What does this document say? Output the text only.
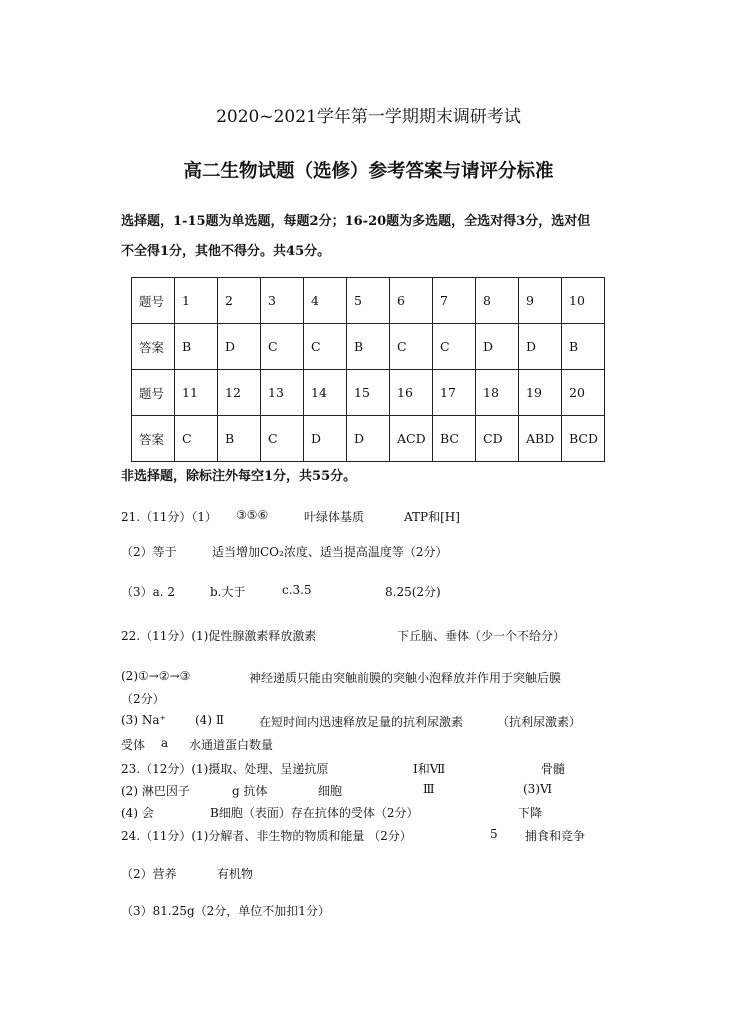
2020~2021学年第一学期期末调研考试
高二生物试题（选修）参考答案与请评分标准
选择题，1-15题为单选题，每题2分；16-20题为多选题，全选对得3分，选对但
不全得1分，其他不得分。共45分。
题号	1	2	3	4	5	6	7	8	9	10
答案	B	D	C	C	B	C	C	D	D	B
题号	11	12	13	14	15	16	17	18	19	20
答案	C	B	C	D	D	ACD	BC	CD	ABD	BCD
非选择题，除标注外每空1分，共55分。
21.（11分）（1） ③⑤⑥	叶绿体基质	ATP和[H]
（2）等于	适当增加CO₂浓度、适当提高温度等（2分）
（3）a. 2	b.大于	c.3.5	8.25(2分)
22.（11分）(1)促性腺激素释放激素	下丘脑、垂体（少一个不给分）
(2)①→②→③	神经递质只能由突触前膜的突触小泡释放并作用于突触后膜
（2分）
(3) Na⁺ (4) Ⅱ	在短时间内迅速释放足量的抗利尿激素	（抗利尿激素）
受体 a 水通道蛋白数量
23.（12分）(1)摄取、处理、呈递抗原	Ⅰ和Ⅶ	骨髓
(2) 淋巴因子	g 抗体	细胞	Ⅲ	(3)Ⅵ
(4) 会	B细胞（表面）存在抗体的受体（2分）	下降
24.（11分）(1)分解者、非生物的物质和能量 （2分）	5 捕食和竞争
（2）营养	有机物
（3）81.25g（2分，单位不加扣1分）
